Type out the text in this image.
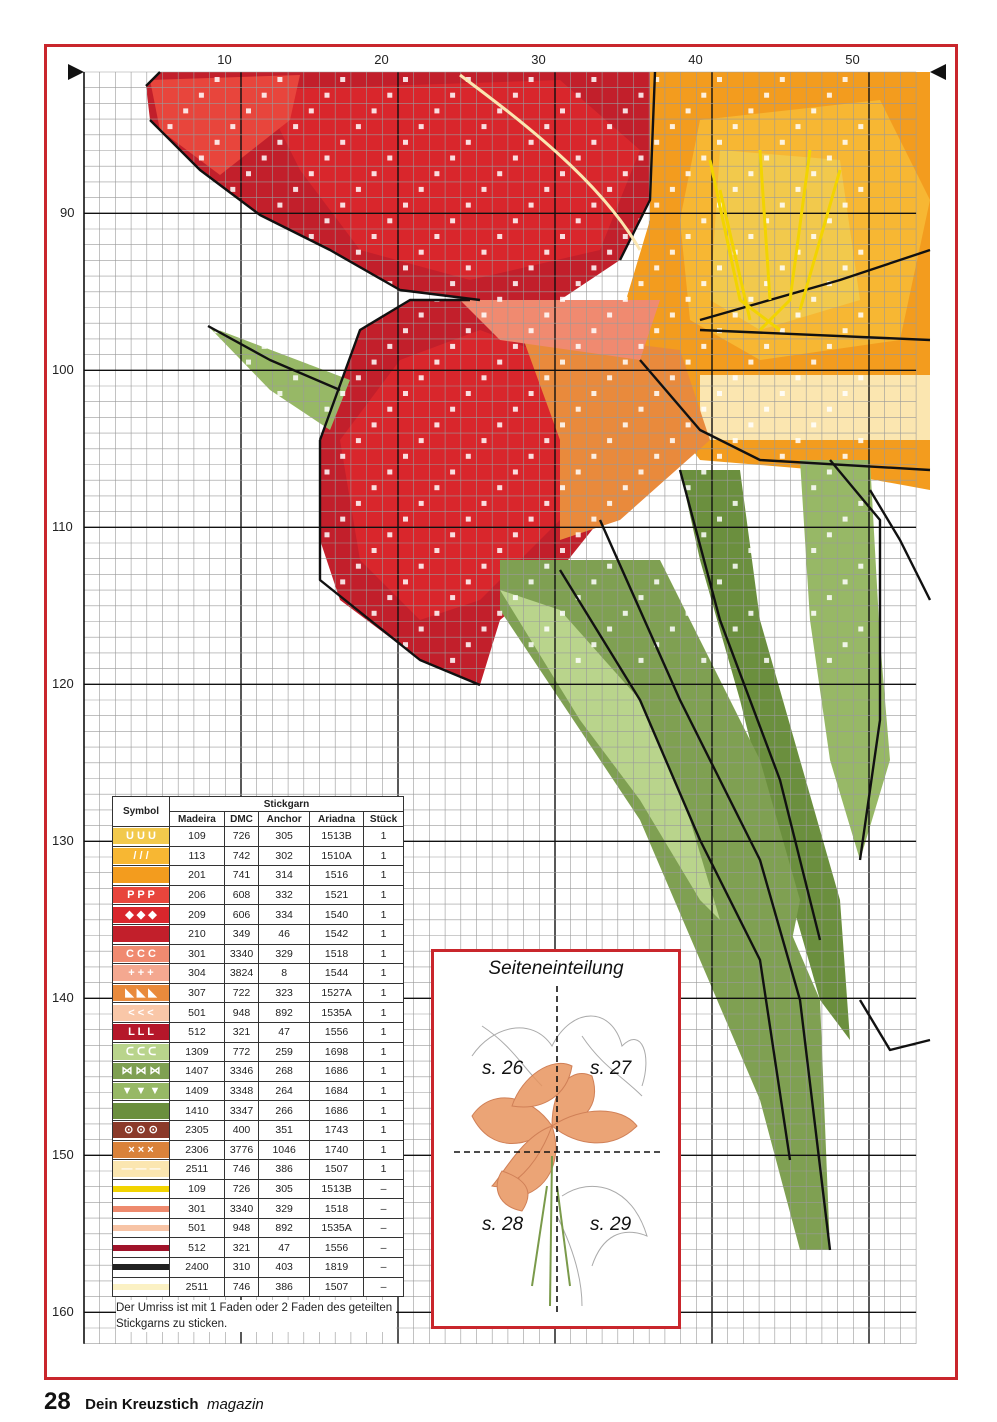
10	20	30	40	50
90
100
110
120
130
140
150
160
Symbol	Stickgarn				
	Madeira	DMC	Anchor	Ariadna	Stück

U U U	109	726	305	1513B	1

/ / /	113	742	302	1510A	1

	201	741	314	1516	1

P P P	206	608	332	1521	1

◆ ◆ ◆	209	606	334	1540	1

	210	349	46	1542	1

C C C	301	3340	329	1518	1

+ + +	304	3824	8	1544	1

◣ ◣ ◣	307	722	323	1527A	1

< < <	501	948	892	1535A	1

L L L	512	321	47	1556	1

ᑕ ᑕ ᑕ	1309	772	259	1698	1

⋈ ⋈ ⋈	1407	3346	268	1686	1

▼ ▼ ▼	1409	3348	264	1684	1

	1410	3347	266	1686	1

⊙ ⊙ ⊙	2305	400	351	1743	1

× × ×	2306	3776	1046	1740	1

— — —	2511	746	386	1507	1

	109	726	305	1513B	–

	301	3340	329	1518	–

	501	948	892	1535A	–

	512	321	47	1556	–

	2400	310	403	1819	–

	2511	746	386	1507	–
Der Umriss ist mit 1 Faden oder 2 Faden des geteilten Stickgarns zu sticken.
Seiteneinteilung
s. 26	s. 27
s. 28	s. 29
28 Dein Kreuzstich magazin
